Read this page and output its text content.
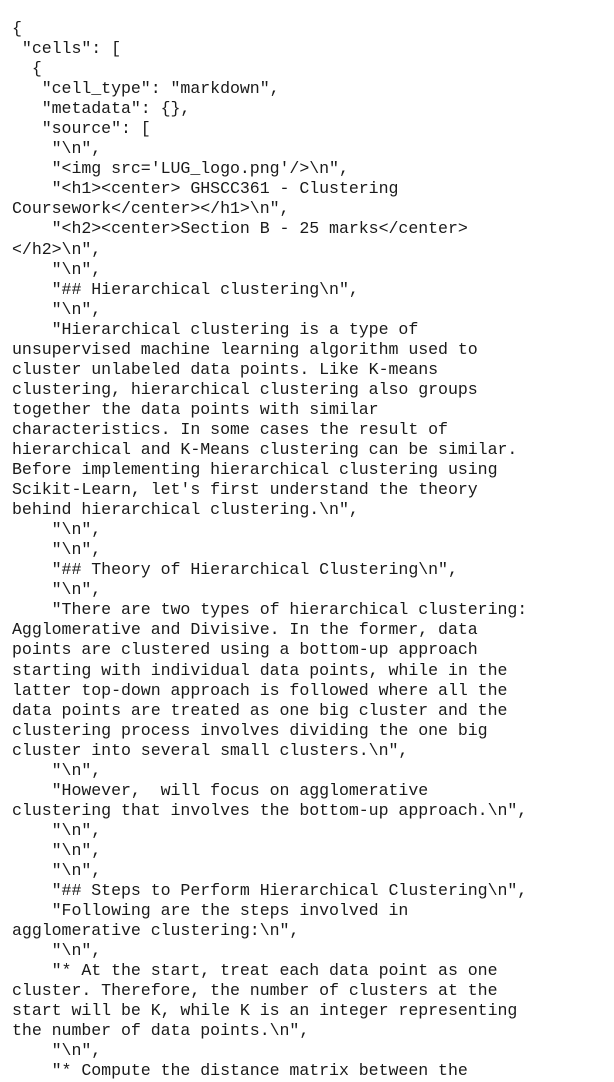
{
"cells": [
{
"cell_type": "markdown",
"metadata": {},
"source": [
"\n",
"<img src='LUG_logo.png'/>\n",
"<h1><center> GHSCC361 - Clustering
Coursework</center></h1>\n",
"<h2><center>Section B - 25 marks</center>
</h2>\n",
"\n",
"## Hierarchical clustering\n",
"\n",
"Hierarchical clustering is a type of
unsupervised machine learning algorithm used to
cluster unlabeled data points. Like K-means
clustering, hierarchical clustering also groups
together the data points with similar
characteristics. In some cases the result of
hierarchical and K-Means clustering can be similar.
Before implementing hierarchical clustering using
Scikit-Learn, let's first understand the theory
behind hierarchical clustering.\n",
"\n",
"\n",
"## Theory of Hierarchical Clustering\n",
"\n",
"There are two types of hierarchical clustering:
Agglomerative and Divisive. In the former, data
points are clustered using a bottom-up approach
starting with individual data points, while in the
latter top-down approach is followed where all the
data points are treated as one big cluster and the
clustering process involves dividing the one big
cluster into several small clusters.\n",
"\n",
"However,  will focus on agglomerative
clustering that involves the bottom-up approach.\n",
"\n",
"\n",
"\n",
"## Steps to Perform Hierarchical Clustering\n",
"Following are the steps involved in
agglomerative clustering:\n",
"\n",
"* At the start, treat each data point as one
cluster. Therefore, the number of clusters at the
start will be K, while K is an integer representing
the number of data points.\n",
"\n",
"* Compute the distance matrix between the
